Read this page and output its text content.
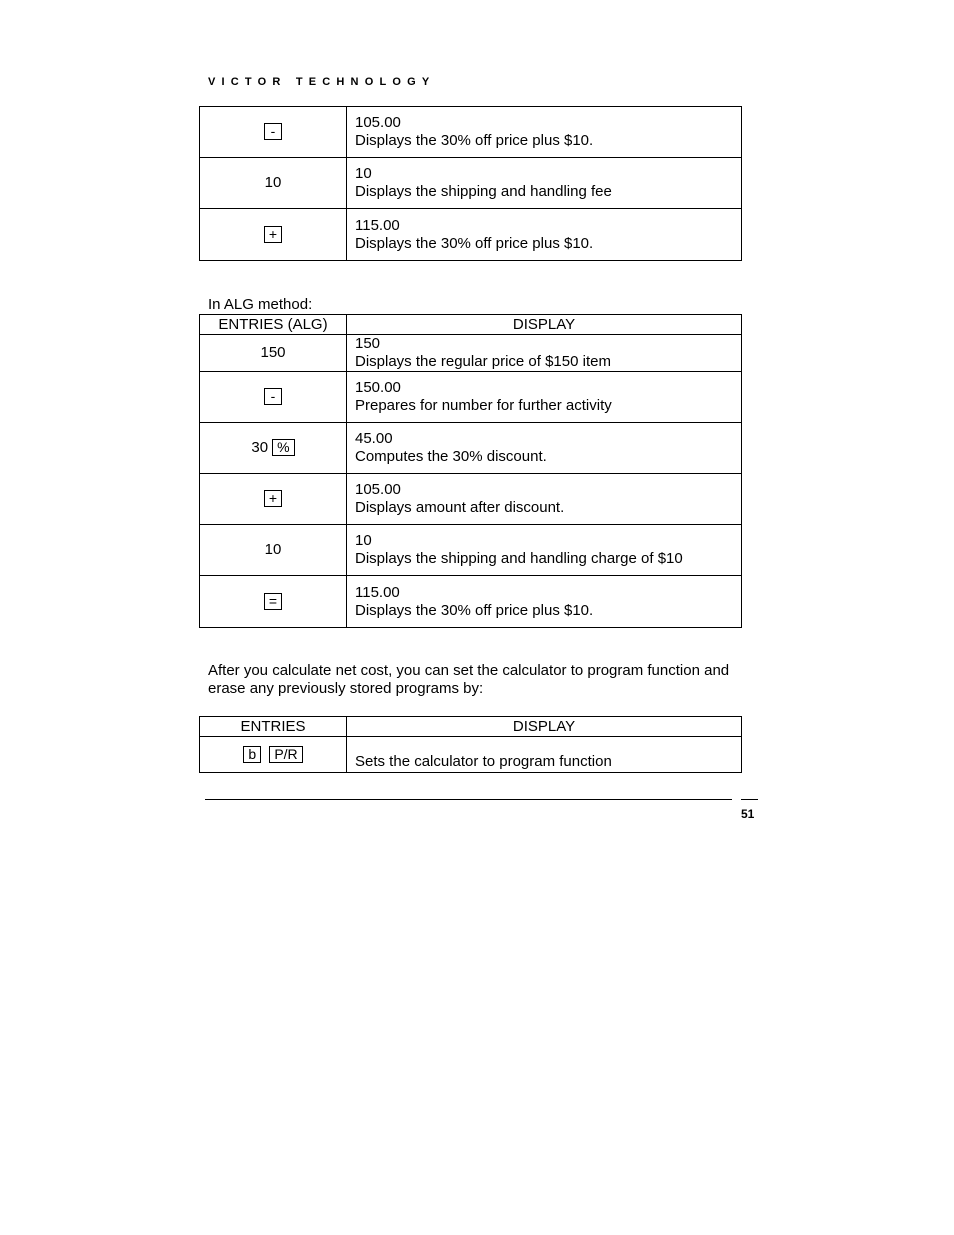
VICTOR TECHNOLOGY
-	105.00
Displays the 30% off price plus $10.

10	10
Displays the shipping and handling fee

+	115.00
Displays the 30% off price plus $10.
In ALG method:
ENTRIES (ALG)	DISPLAY
150	150
Displays the regular price of $150 item

-	150.00
Prepares for number for further activity

30 %	45.00
Computes the 30% discount.

+	105.00
Displays amount after discount.

10	10
Displays the shipping and handling charge of $10

=	115.00
Displays the 30% off price plus $10.
After you calculate net cost, you can set the calculator to program function and erase any previously stored programs by:
ENTRIES	DISPLAY
b P/R	Sets the calculator to program function
51
